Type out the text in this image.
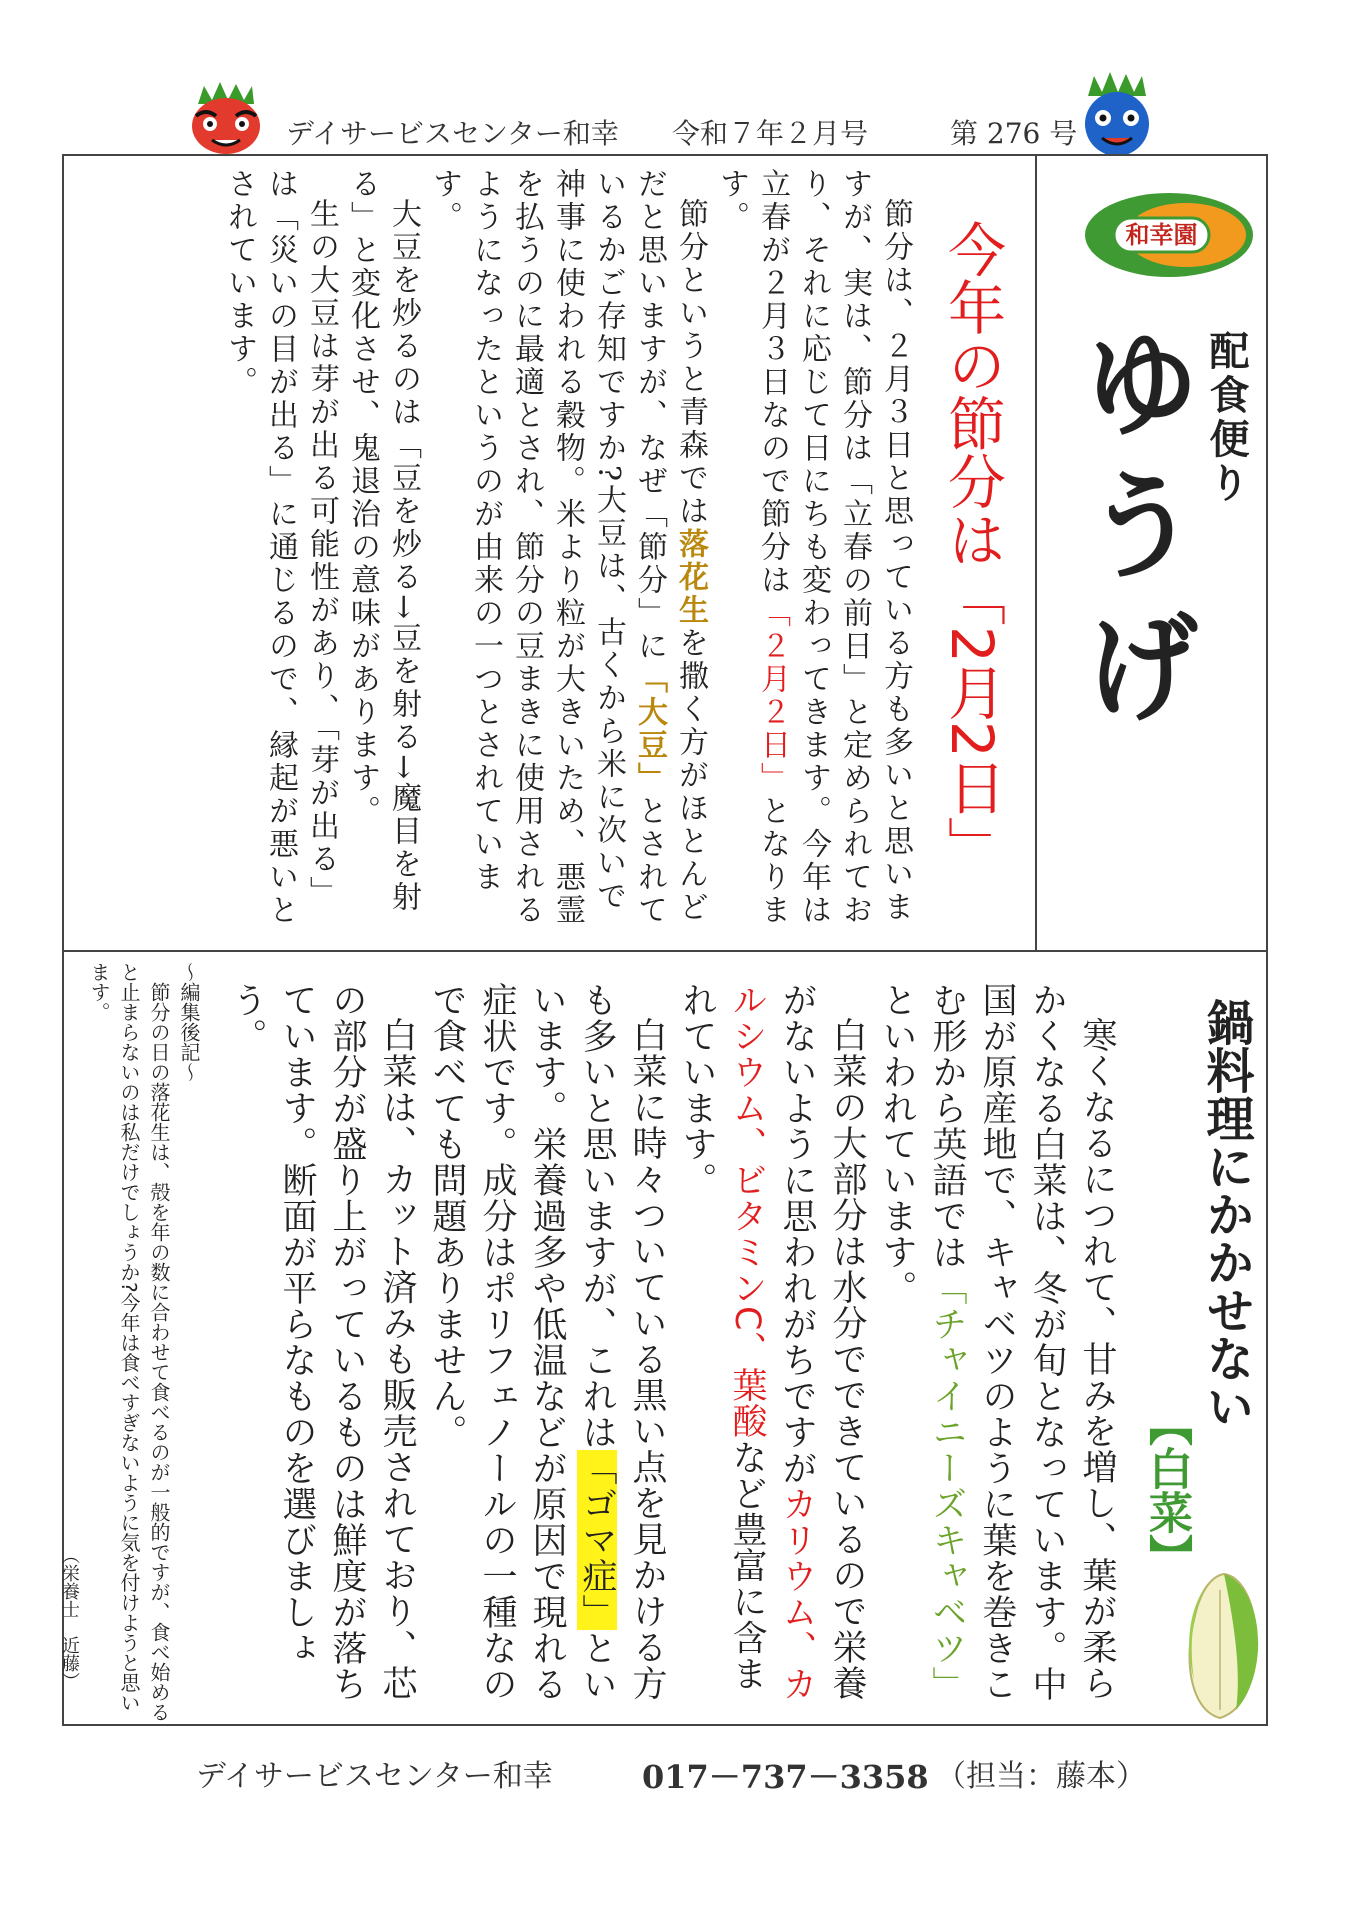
デイサービスセンター和幸 令和７年２月号	第 276 号
和幸園
配食便り
ゆうげ
今年の節分は「2月2日」

節分は、２月３日と思っている方も多いと思いますが、実は、節分は「立春の前日」と定められており、それに応じて日にちも変わってきます。今年は立春が２月３日なので節分は「２月２日」となります。

節分というと青森では落花生を撒く方がほとんどだと思いますが、なぜ「節分」に「大豆」とされているかご存知ですか?大豆は、古くから米に次いで神事に使われる穀物。米より粒が大きいため、悪霊を払うのに最適とされ、節分の豆まきに使用されるようになったというのが由来の一つとされています。

大豆を炒るのは「豆を炒る→豆を射る→魔目を射る」と変化させ、鬼退治の意味があります。

生の大豆は芽が出る可能性があり、「芽が出る」は「災いの目が出る」に通じるので、縁起が悪いとされています。

鍋料理にかかせない
【白菜】

寒くなるにつれて、甘みを増し、葉が柔らかくなる白菜は、冬が旬となっています。中国が原産地で、キャベツのように葉を巻きこむ形から英語では「チャイニーズキャベツ」といわれています。

白菜の大部分は水分でできているので栄養がないように思われがちですがカリウム、カルシウム、ビタミンC、葉酸など豊富に含まれています。

白菜に時々ついている黒い点を見かける方も多いと思いますが、これは「ゴマ症」といいます。栄養過多や低温などが原因で現れる症状です。成分はポリフェノールの一種なので食べても問題ありません。

白菜は、カット済みも販売されており、芯の部分が盛り上がっているものは鮮度が落ちています。断面が平らなものを選びましょう。

～編集後記～

節分の日の落花生は、殻を年の数に合わせて食べるのが一般的ですが、食べ始めると止まらないのは私だけでしょうか?今年は食べすぎないように気を付けようと思います。

（栄養士　近藤）

デイサービスセンター和幸	017－737－3358 （担当：藤本）
